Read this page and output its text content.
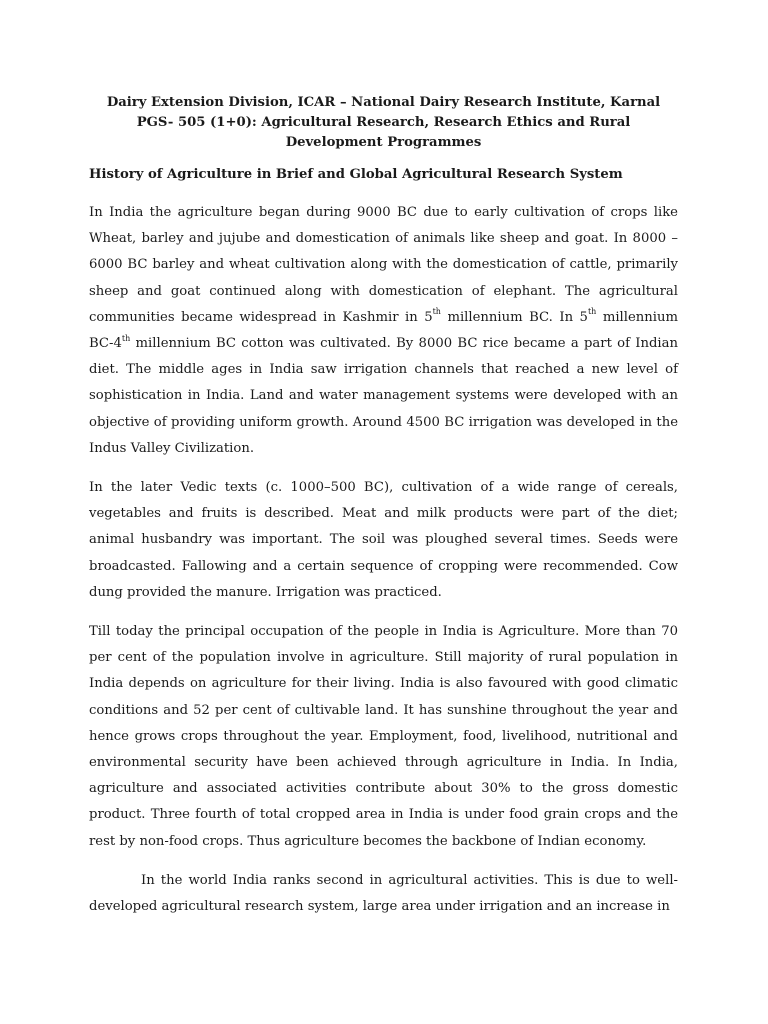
Dairy Extension Division, ICAR – National Dairy Research Institute, Karnal

PGS- 505 (1+0): Agricultural Research, Research Ethics and Rural Development Programmes

History of Agriculture in Brief and Global Agricultural Research System

In India the agriculture began during 9000 BC due to early cultivation of crops like Wheat, barley and jujube and domestication of animals like sheep and goat. In 8000 – 6000 BC barley and wheat cultivation along with the domestication of cattle, primarily sheep and goat continued along with domestication of elephant. The agricultural communities became widespread in Kashmir in 5th millennium BC. In 5th millennium BC-4th millennium BC cotton was cultivated. By 8000 BC rice became a part of Indian diet. The middle ages in India saw irrigation channels that reached a new level of sophistication in India. Land and water management systems were developed with an objective of providing uniform growth. Around 4500 BC irrigation was developed in the Indus Valley Civilization.

In the later Vedic texts (c. 1000–500 BC), cultivation of a wide range of cereals, vegetables and fruits is described. Meat and milk products were part of the diet; animal husbandry was important. The soil was ploughed several times. Seeds were broadcasted. Fallowing and a certain sequence of cropping were recommended. Cow dung provided the manure. Irrigation was practiced.

Till today the principal occupation of the people in India is Agriculture. More than 70 per cent of the population involve in agriculture. Still majority of rural population in India depends on agriculture for their living. India is also favoured with good climatic conditions and 52 per cent of cultivable land. It has sunshine throughout the year and hence grows crops throughout the year. Employment, food, livelihood, nutritional and environmental security have been achieved through agriculture in India. In India, agriculture and associated activities contribute about 30% to the gross domestic product. Three fourth of total cropped area in India is under food grain crops and the rest by non-food crops. Thus agriculture becomes the backbone of Indian economy.

In the world India ranks second in agricultural activities. This is due to well-developed agricultural research system, large area under irrigation and an increase in
